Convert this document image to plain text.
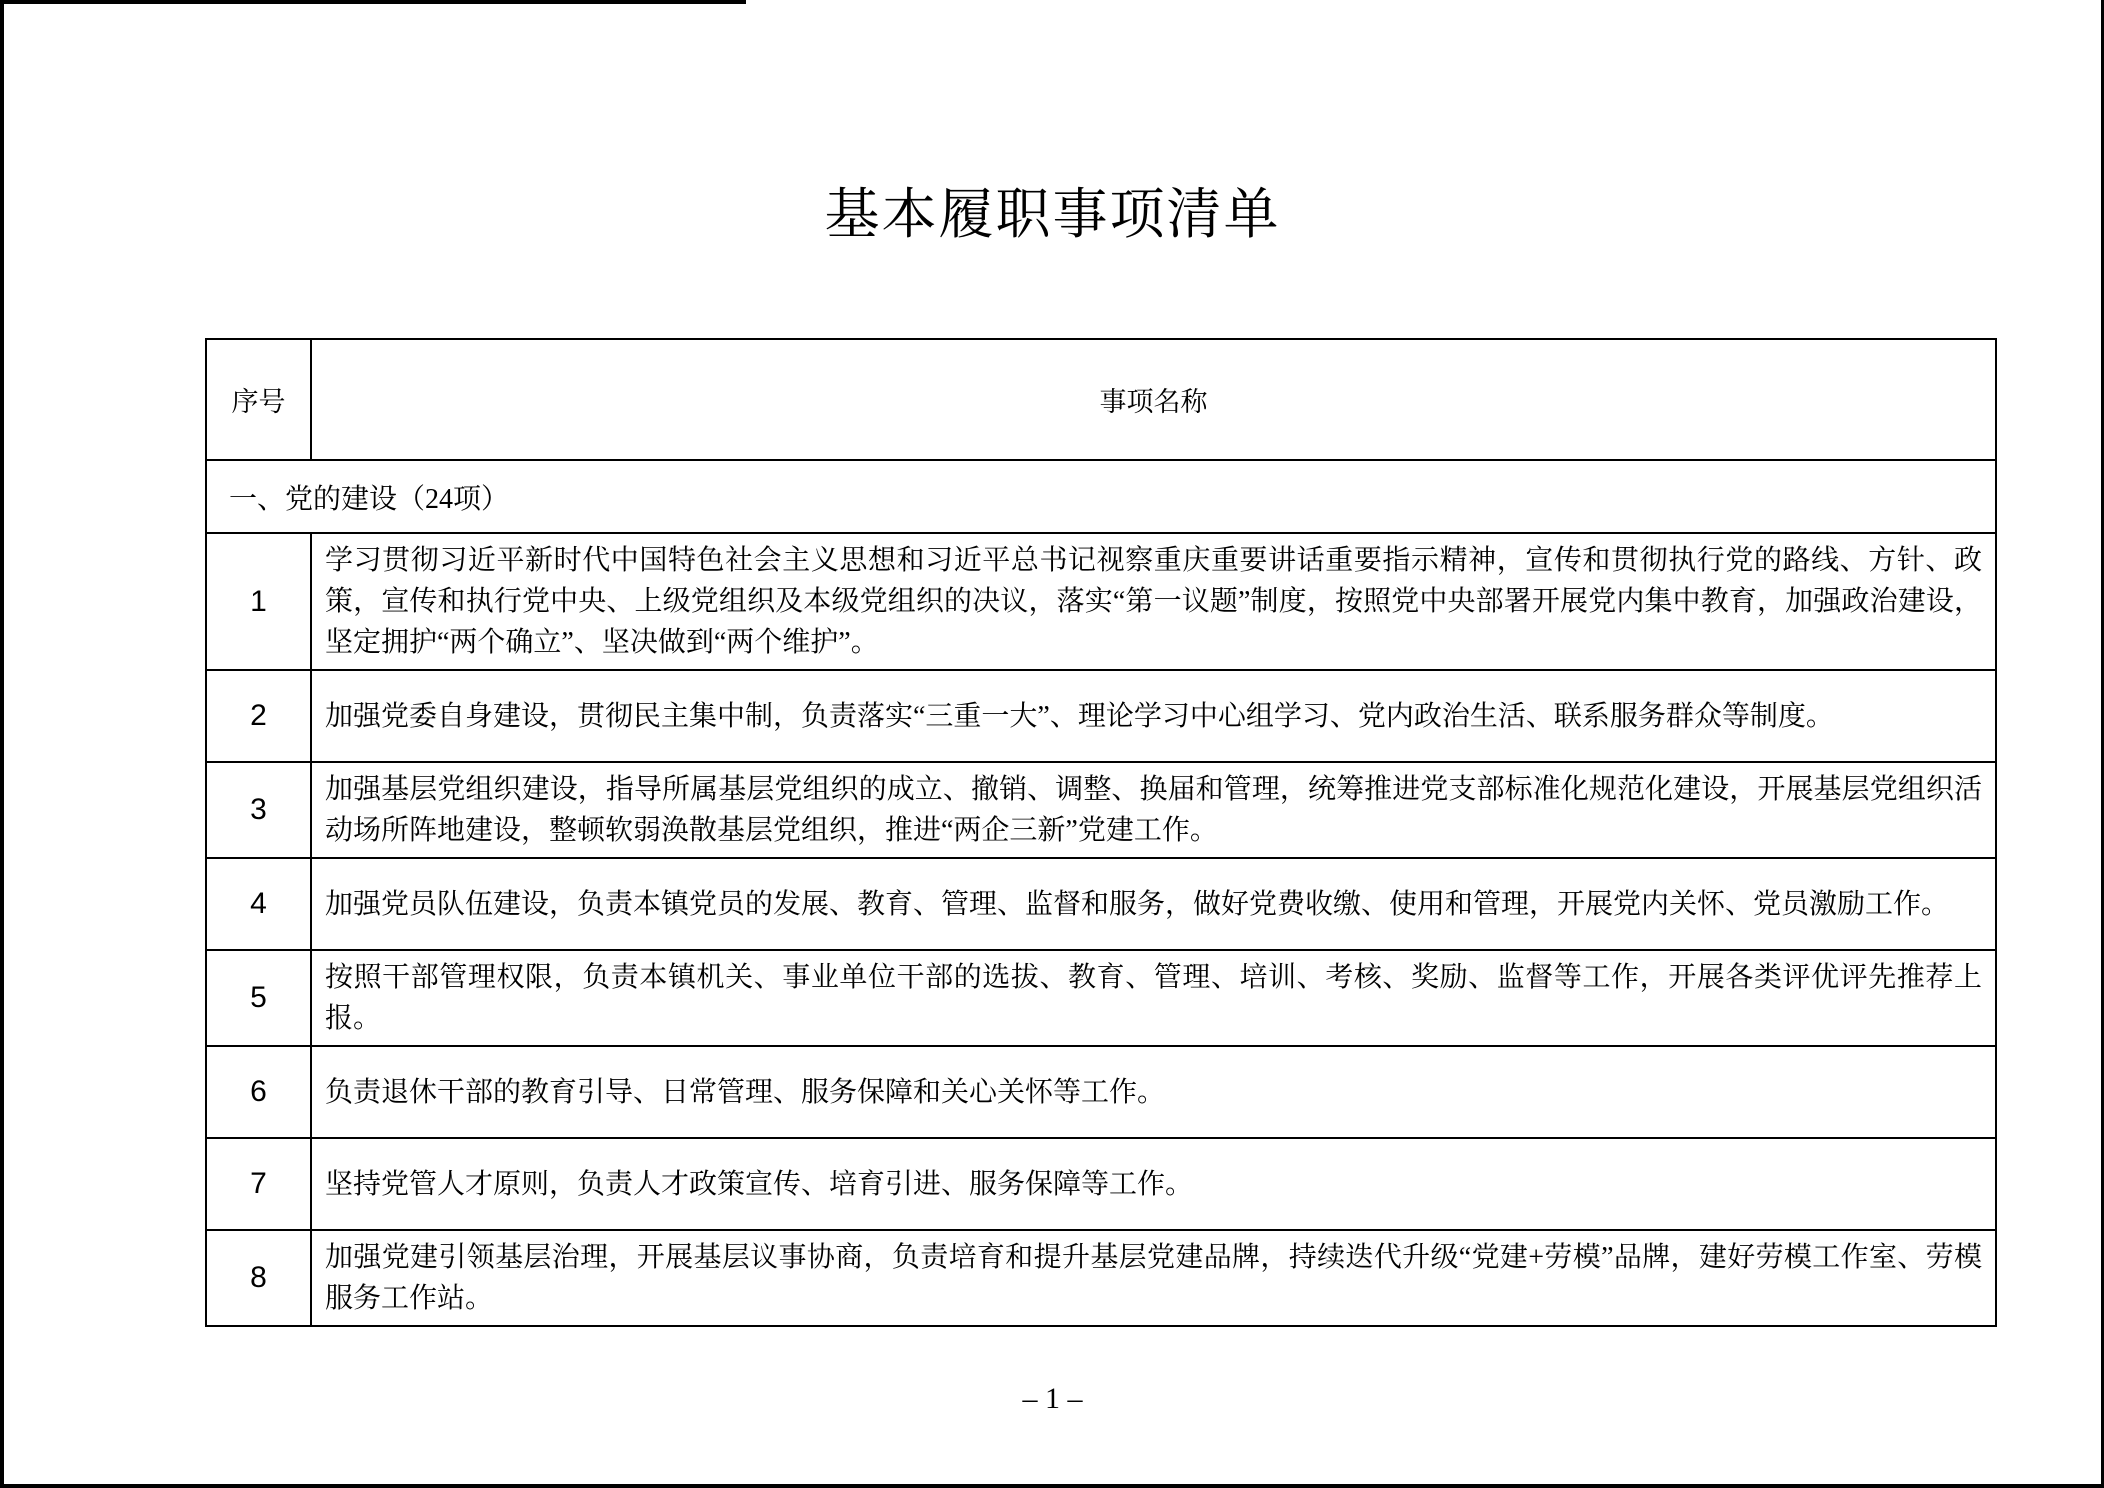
基本履职事项清单
序号	事项名称
一、党的建设（24项）	
1	学习贯彻习近平新时代中国特色社会主义思想和习近平总书记视察重庆重要讲话重要指示精神，宣传和贯彻执行党的路线、方针、政策，宣传和执行党中央、上级党组织及本级党组织的决议，落实“第一议题”制度，按照党中央部署开展党内集中教育，加强政治建设，坚定拥护“两个确立”、坚决做到“两个维护”。
2	加强党委自身建设，贯彻民主集中制，负责落实“三重一大”、理论学习中心组学习、党内政治生活、联系服务群众等制度。
3	加强基层党组织建设，指导所属基层党组织的成立、撤销、调整、换届和管理，统筹推进党支部标准化规范化建设，开展基层党组织活动场所阵地建设，整顿软弱涣散基层党组织，推进“两企三新”党建工作。
4	加强党员队伍建设，负责本镇党员的发展、教育、管理、监督和服务，做好党费收缴、使用和管理，开展党内关怀、党员激励工作。
5	按照干部管理权限，负责本镇机关、事业单位干部的选拔、教育、管理、培训、考核、奖励、监督等工作，开展各类评优评先推荐上报。
6	负责退休干部的教育引导、日常管理、服务保障和关心关怀等工作。
7	坚持党管人才原则，负责人才政策宣传、培育引进、服务保障等工作。
8	加强党建引领基层治理，开展基层议事协商，负责培育和提升基层党建品牌，持续迭代升级“党建+劳模”品牌，建好劳模工作室、劳模服务工作站。
– 1 –
